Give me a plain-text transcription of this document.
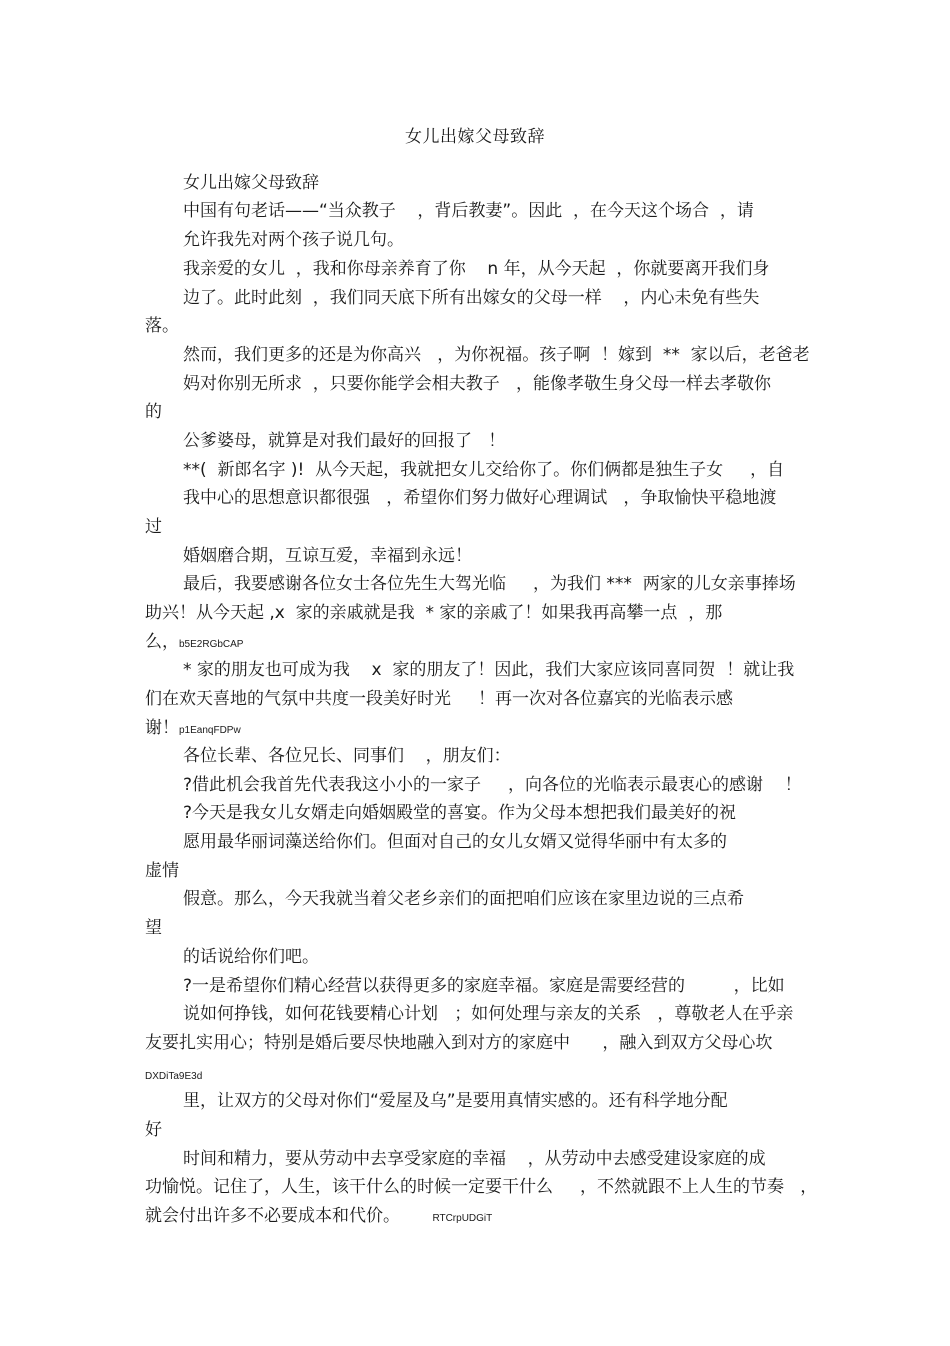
女儿出嫁父母致辞
女儿出嫁父母致辞
中国有句老话——“当众教子    ，背后教妻”。因此  ，在今天这个场合  ，请
允许我先对两个孩子说几句。
我亲爱的女儿  ，我和你母亲养育了你    n 年，从今天起  ，你就要离开我们身
边了。此时此刻  ，我们同天底下所有出嫁女的父母一样    ，内心未免有些失
落。
然而，我们更多的还是为你高兴   ，为你祝福。孩子啊  ！嫁到  **  家以后，老爸老
妈对你别无所求  ，只要你能学会相夫教子   ，能像孝敬生身父母一样去孝敬你
的
公爹婆母，就算是对我们最好的回报了   ！
**(  新郎名字 )!  从今天起，我就把女儿交给你了。你们俩都是独生子女     ，自
我中心的思想意识都很强   ，希望你们努力做好心理调试   ，争取愉快平稳地渡
过
婚姻磨合期，互谅互爱，幸福到永远！
最后，我要感谢各位女士各位先生大驾光临     ，为我们 ***  两家的儿女亲事捧场
助兴！从今天起 ,x  家的亲戚就是我  * 家的亲戚了！如果我再高攀一点  ，那
么，b5E2RGbCAP
* 家的朋友也可成为我    x  家的朋友了！因此，我们大家应该同喜同贺  ！就让我
们在欢天喜地的气氛中共度一段美好时光     ！再一次对各位嘉宾的光临表示感
谢！p1EanqFDPw
各位长辈、各位兄长、同事们    ，朋友们：
?借此机会我首先代表我这小小的一家子     ，向各位的光临表示最衷心的感谢    ！
?今天是我女儿女婿走向婚姻殿堂的喜宴。作为父母本想把我们最美好的祝
愿用最华丽词藻送给你们。但面对自己的女儿女婿又觉得华丽中有太多的
虚情
假意。那么，今天我就当着父老乡亲们的面把咱们应该在家里边说的三点希
望
的话说给你们吧。
?一是希望你们精心经营以获得更多的家庭幸福。家庭是需要经营的         ，比如
说如何挣钱，如何花钱要精心计划   ；如何处理与亲友的关系   ，尊敬老人在乎亲
友要扎实用心；特别是婚后要尽快地融入到对方的家庭中      ，融入到双方父母心坎
DXDiTa9E3d
里，让双方的父母对你们“爱屋及乌”是要用真情实感的。还有科学地分配
好
时间和精力，要从劳动中去享受家庭的幸福    ，从劳动中去感受建设家庭的成
功愉悦。记住了，人生，该干什么的时候一定要干什么     ，不然就跟不上人生的节奏   ，
就会付出许多不必要成本和代价。      RTCrpUDGiT
